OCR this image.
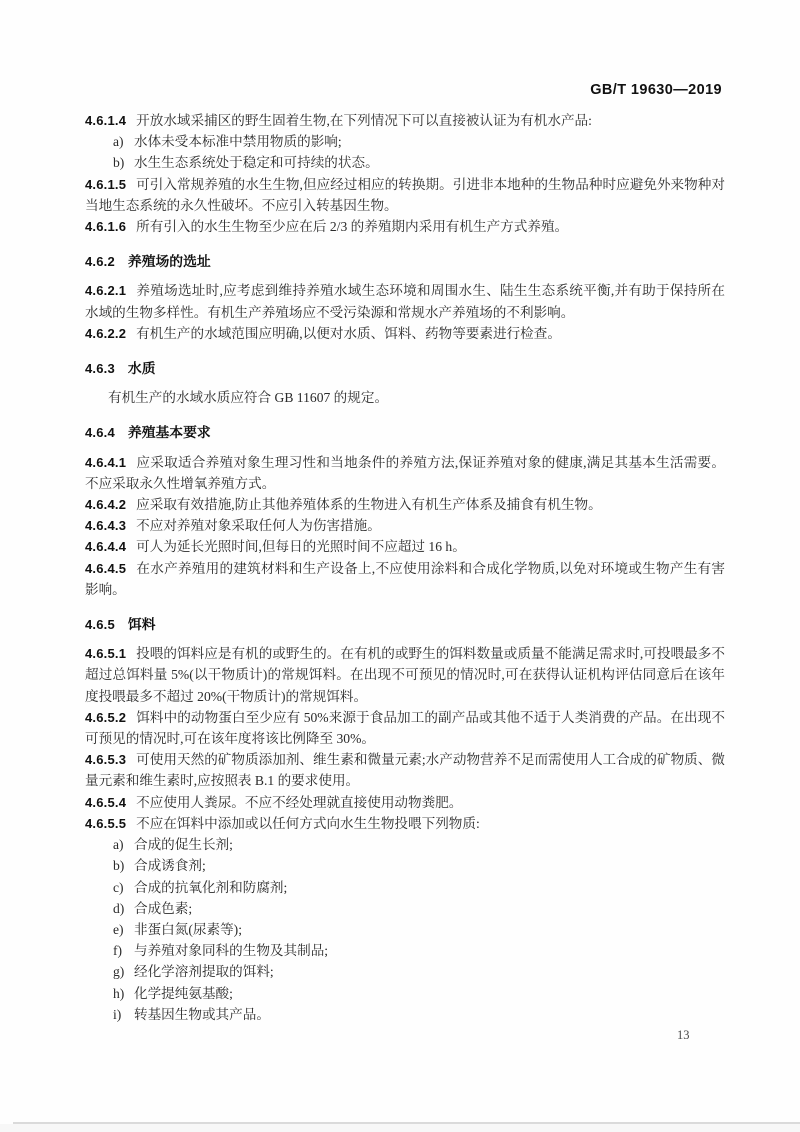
GB/T 19630—2019

4.6.1.4 开放水域采捕区的野生固着生物,在下列情况下可以直接被认证为有机水产品:

a) 水体未受本标准中禁用物质的影响;

b) 水生生态系统处于稳定和可持续的状态。

4.6.1.5 可引入常规养殖的水生生物,但应经过相应的转换期。引进非本地种的生物品种时应避免外来物种对当地生态系统的永久性破坏。不应引入转基因生物。

4.6.1.6 所有引入的水生生物至少应在后 2/3 的养殖期内采用有机生产方式养殖。

4.6.2 养殖场的选址

4.6.2.1 养殖场选址时,应考虑到维持养殖水域生态环境和周围水生、陆生生态系统平衡,并有助于保持所在水域的生物多样性。有机生产养殖场应不受污染源和常规水产养殖场的不利影响。

4.6.2.2 有机生产的水域范围应明确,以便对水质、饵料、药物等要素进行检查。

4.6.3 水质

有机生产的水域水质应符合 GB 11607 的规定。

4.6.4 养殖基本要求

4.6.4.1 应采取适合养殖对象生理习性和当地条件的养殖方法,保证养殖对象的健康,满足其基本生活需要。不应采取永久性增氧养殖方式。

4.6.4.2 应采取有效措施,防止其他养殖体系的生物进入有机生产体系及捕食有机生物。

4.6.4.3 不应对养殖对象采取任何人为伤害措施。

4.6.4.4 可人为延长光照时间,但每日的光照时间不应超过 16 h。

4.6.4.5 在水产养殖用的建筑材料和生产设备上,不应使用涂料和合成化学物质,以免对环境或生物产生有害影响。

4.6.5 饵料

4.6.5.1 投喂的饵料应是有机的或野生的。在有机的或野生的饵料数量或质量不能满足需求时,可投喂最多不超过总饵料量 5%(以干物质计)的常规饵料。在出现不可预见的情况时,可在获得认证机构评估同意后在该年度投喂最多不超过 20%(干物质计)的常规饵料。

4.6.5.2 饵料中的动物蛋白至少应有 50%来源于食品加工的副产品或其他不适于人类消费的产品。在出现不可预见的情况时,可在该年度将该比例降至 30%。

4.6.5.3 可使用天然的矿物质添加剂、维生素和微量元素;水产动物营养不足而需使用人工合成的矿物质、微量元素和维生素时,应按照表 B.1 的要求使用。

4.6.5.4 不应使用人粪尿。不应不经处理就直接使用动物粪肥。

4.6.5.5 不应在饵料中添加或以任何方式向水生生物投喂下列物质:

a) 合成的促生长剂;

b) 合成诱食剂;

c) 合成的抗氧化剂和防腐剂;

d) 合成色素;

e) 非蛋白氮(尿素等);

f) 与养殖对象同科的生物及其制品;

g) 经化学溶剂提取的饵料;

h) 化学提纯氨基酸;

i) 转基因生物或其产品。

13
